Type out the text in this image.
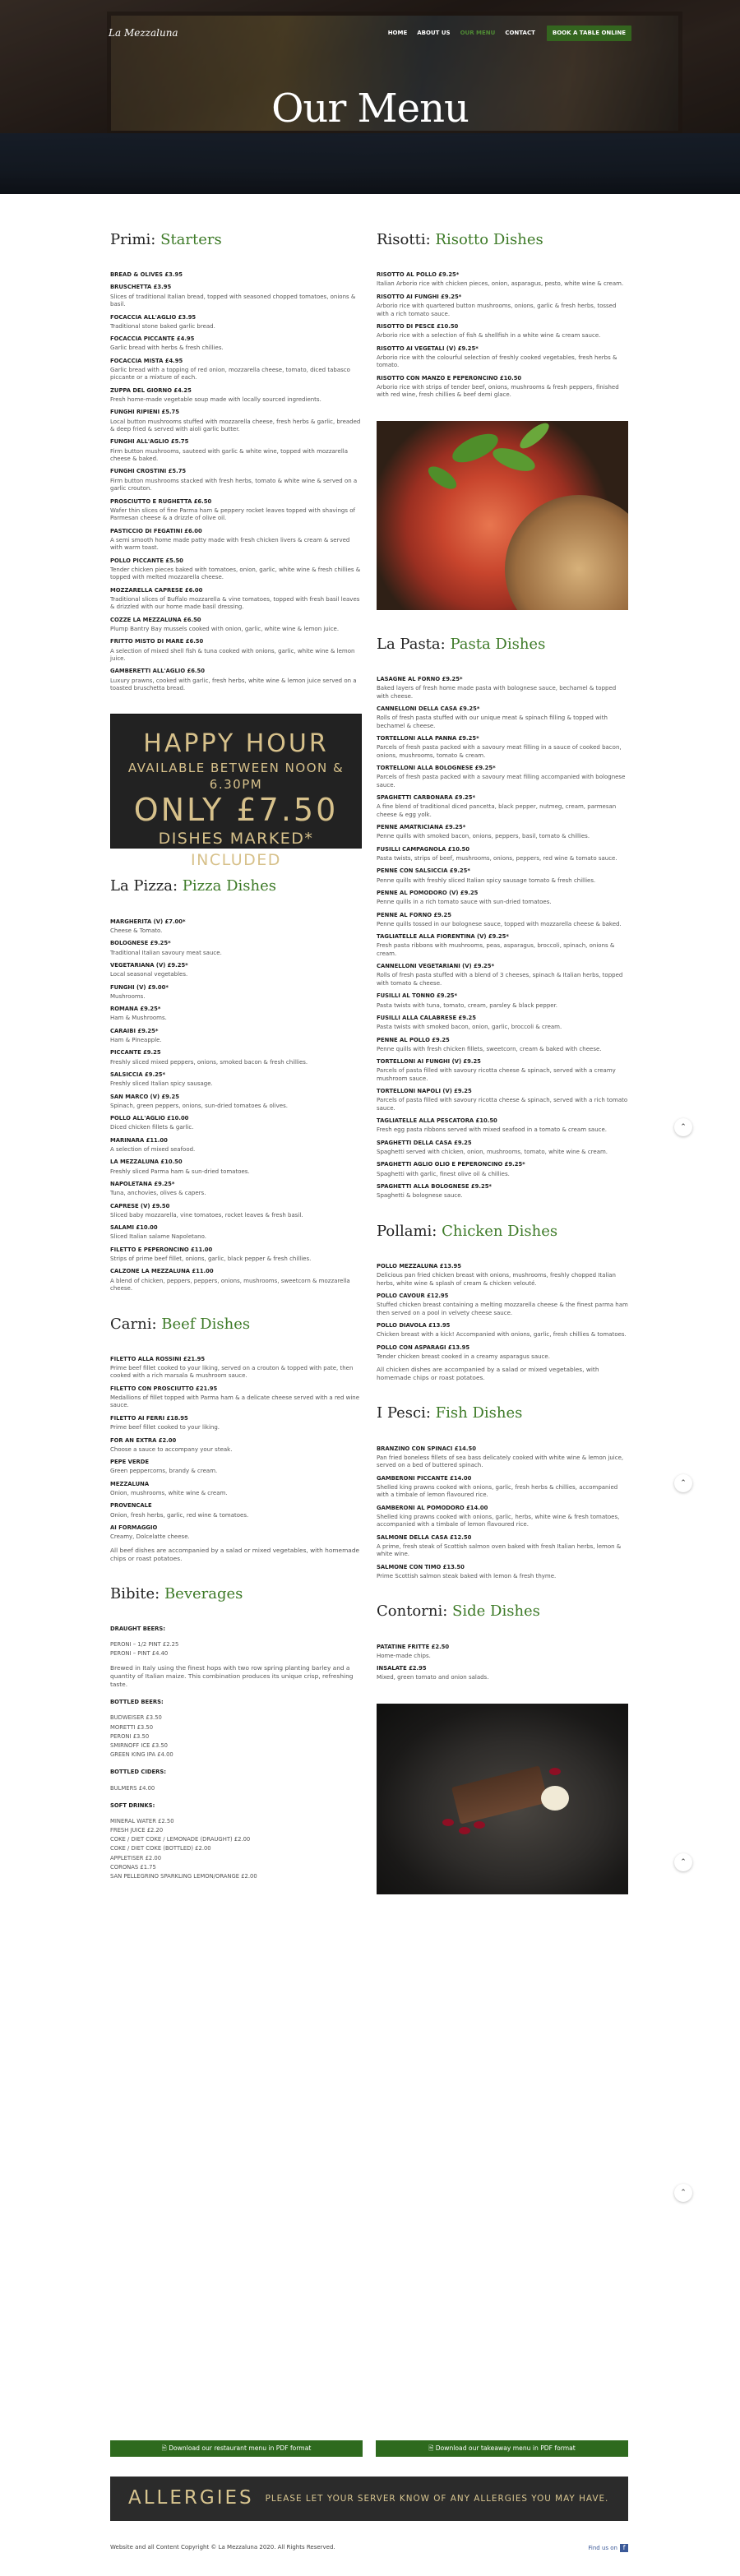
La Mezzaluna	HOME ABOUT US OUR MENU CONTACT	BOOK A TABLE ONLINE
Our Menu
Primi: Starters
BREAD & OLIVES £3.95
BRUSCHETTA £3.95
Slices of traditional Italian bread, topped with seasoned chopped tomatoes, onions & basil.
FOCACCIA ALL'AGLIO £3.95
Traditional stone baked garlic bread.
FOCACCIA PICCANTE £4.95
Garlic bread with herbs & fresh chillies.
FOCACCIA MISTA £4.95
Garlic bread with a topping of red onion, mozzarella cheese, tomato, diced tabasco piccante or a mixture of each.
ZUPPA DEL GIORNO £4.25
Fresh home-made vegetable soup made with locally sourced ingredients.
FUNGHI RIPIENI £5.75
Local button mushrooms stuffed with mozzarella cheese, fresh herbs & garlic, breaded & deep fried & served with aioli garlic butter.
FUNGHI ALL'AGLIO £5.75
Firm button mushrooms, sauteed with garlic & white wine, topped with mozzarella cheese & baked.
FUNGHI CROSTINI £5.75
Firm button mushrooms stacked with fresh herbs, tomato & white wine & served on a garlic crouton.
PROSCIUTTO E RUGHETTA £6.50
Wafer thin slices of fine Parma ham & peppery rocket leaves topped with shavings of Parmesan cheese & a drizzle of olive oil.
PASTICCIO DI FEGATINI £6.00
A semi smooth home made patty made with fresh chicken livers & cream & served with warm toast.
POLLO PICCANTE £5.50
Tender chicken pieces baked with tomatoes, onion, garlic, white wine & fresh chillies & topped with melted mozzarella cheese.
MOZZARELLA CAPRESE £6.00
Traditional slices of Buffalo mozzarella & vine tomatoes, topped with fresh basil leaves & drizzled with our home made basil dressing.
COZZE LA MEZZALUNA £6.50
Plump Bantry Bay mussels cooked with onion, garlic, white wine & lemon juice.
FRITTO MISTO DI MARE £6.50
A selection of mixed shell fish & tuna cooked with onions, garlic, white wine & lemon juice.
GAMBERETTI ALL'AGLIO £6.50
Luxury prawns, cooked with garlic, fresh herbs, white wine & lemon juice served on a toasted bruschetta bread.
HAPPY HOUR
AVAILABLE BETWEEN NOON & 6.30PM
ONLY £7.50
DISHES MARKED* INCLUDED
La Pizza: Pizza Dishes
MARGHERITA (V) £7.00*
Cheese & Tomato.
BOLOGNESE £9.25*
Traditional Italian savoury meat sauce.
VEGETARIANA (V) £9.25*
Local seasonal vegetables.
FUNGHI (V) £9.00*
Mushrooms.
ROMANA £9.25*
Ham & Mushrooms.
CARAIBI £9.25*
Ham & Pineapple.
PICCANTE £9.25
Freshly sliced mixed peppers, onions, smoked bacon & fresh chillies.
SALSICCIA £9.25*
Freshly sliced Italian spicy sausage.
SAN MARCO (V) £9.25
Spinach, green peppers, onions, sun-dried tomatoes & olives.
POLLO ALL'AGLIO £10.00
Diced chicken fillets & garlic.
MARINARA £11.00
A selection of mixed seafood.
LA MEZZALUNA £10.50
Freshly sliced Parma ham & sun-dried tomatoes.
NAPOLETANA £9.25*
Tuna, anchovies, olives & capers.
CAPRESE (V) £9.50
Sliced baby mozzarella, vine tomatoes, rocket leaves & fresh basil.
SALAMI £10.00
Sliced Italian salame Napoletano.
FILETTO E PEPERONCINO £11.00
Strips of prime beef fillet, onions, garlic, black pepper & fresh chillies.
CALZONE LA MEZZALUNA £11.00
A blend of chicken, peppers, peppers, onions, mushrooms, sweetcorn & mozzarella cheese.
Carni: Beef Dishes
FILETTO ALLA ROSSINI £21.95
Prime beef fillet cooked to your liking, served on a crouton & topped with pate, then cooked with a rich marsala & mushroom sauce.
FILETTO CON PROSCIUTTO £21.95
Medallions of fillet topped with Parma ham & a delicate cheese served with a red wine sauce.
FILETTO AI FERRI £18.95
Prime beef fillet cooked to your liking.
FOR AN EXTRA £2.00
Choose a sauce to accompany your steak.
PEPE VERDE
Green peppercorns, brandy & cream.
MEZZALUNA
Onion, mushrooms, white wine & cream.
PROVENCALE
Onion, fresh herbs, garlic, red wine & tomatoes.
AI FORMAGGIO
Creamy, Dolcelatte cheese.
All beef dishes are accompanied by a salad or mixed vegetables, with homemade chips or roast potatoes.
Bibite: Beverages
DRAUGHT BEERS:
PERONI – 1/2 PINT £2.25
PERONI – PINT £4.40
Brewed in Italy using the finest hops with two row spring planting barley and a quantity of Italian maize. This combination produces its unique crisp, refreshing taste.
BOTTLED BEERS:
BUDWEISER £3.50
MORETTI £3.50
PERONI £3.50
SMIRNOFF ICE £3.50
GREEN KING IPA £4.00
BOTTLED CIDERS:
BULMERS £4.00
SOFT DRINKS:
MINERAL WATER £2.50
FRESH JUICE £2.20
COKE / DIET COKE / LEMONADE (DRAUGHT) £2.00
COKE / DIET COKE (BOTTLED) £2.00
APPLETISER £2.00
CORONAS £1.75
SAN PELLEGRINO SPARKLING LEMON/ORANGE £2.00
Risotti: Risotto Dishes
RISOTTO AL POLLO £9.25*
Italian Arborio rice with chicken pieces, onion, asparagus, pesto, white wine & cream.
RISOTTO AI FUNGHI £9.25*
Arborio rice with quartered button mushrooms, onions, garlic & fresh herbs, tossed with a rich tomato sauce.
RISOTTO DI PESCE £10.50
Arborio rice with a selection of fish & shellfish in a white wine & cream sauce.
RISOTTO AI VEGETALI (V) £9.25*
Arborio rice with the colourful selection of freshly cooked vegetables, fresh herbs & tomato.
RISOTTO CON MANZO E PEPERONCINO £10.50
Arborio rice with strips of tender beef, onions, mushrooms & fresh peppers, finished with red wine, fresh chillies & beef demi glace.
La Pasta: Pasta Dishes
LASAGNE AL FORNO £9.25*
Baked layers of fresh home made pasta with bolognese sauce, bechamel & topped with cheese.
CANNELLONI DELLA CASA £9.25*
Rolls of fresh pasta stuffed with our unique meat & spinach filling & topped with bechamel & cheese.
TORTELLONI ALLA PANNA £9.25*
Parcels of fresh pasta packed with a savoury meat filling in a sauce of cooked bacon, onions, mushrooms, tomato & cream.
TORTELLONI ALLA BOLOGNESE £9.25*
Parcels of fresh pasta packed with a savoury meat filling accompanied with bolognese sauce.
SPAGHETTI CARBONARA £9.25*
A fine blend of traditional diced pancetta, black pepper, nutmeg, cream, parmesan cheese & egg yolk.
PENNE AMATRICIANA £9.25*
Penne quills with smoked bacon, onions, peppers, basil, tomato & chillies.
FUSILLI CAMPAGNOLA £10.50
Pasta twists, strips of beef, mushrooms, onions, peppers, red wine & tomato sauce.
PENNE CON SALSICCIA £9.25*
Penne quills with freshly sliced Italian spicy sausage tomato & fresh chillies.
PENNE AL POMODORO (V) £9.25
Penne quills in a rich tomato sauce with sun-dried tomatoes.
PENNE AL FORNO £9.25
Penne quills tossed in our bolognese sauce, topped with mozzarella cheese & baked.
TAGLIATELLE ALLA FIORENTINA (V) £9.25*
Fresh pasta ribbons with mushrooms, peas, asparagus, broccoli, spinach, onions & cream.
CANNELLONI VEGETARIANI (V) £9.25*
Rolls of fresh pasta stuffed with a blend of 3 cheeses, spinach & Italian herbs, topped with tomato & cheese.
FUSILLI AL TONNO £9.25*
Pasta twists with tuna, tomato, cream, parsley & black pepper.
FUSILLI ALLA CALABRESE £9.25
Pasta twists with smoked bacon, onion, garlic, broccoli & cream.
PENNE AL POLLO £9.25
Penne quills with fresh chicken fillets, sweetcorn, cream & baked with cheese.
TORTELLONI AI FUNGHI (V) £9.25
Parcels of pasta filled with savoury ricotta cheese & spinach, served with a creamy mushroom sauce.
TORTELLONI NAPOLI (V) £9.25
Parcels of pasta filled with savoury ricotta cheese & spinach, served with a rich tomato sauce.
TAGLIATELLE ALLA PESCATORA £10.50
Fresh egg pasta ribbons served with mixed seafood in a tomato & cream sauce.
SPAGHETTI DELLA CASA £9.25
Spaghetti served with chicken, onion, mushrooms, tomato, white wine & cream.
SPAGHETTI AGLIO OLIO E PEPERONCINO £9.25*
Spaghetti with garlic, finest olive oil & chillies.
SPAGHETTI ALLA BOLOGNESE £9.25*
Spaghetti & bolognese sauce.
Pollami: Chicken Dishes
POLLO MEZZALUNA £13.95
Delicious pan fried chicken breast with onions, mushrooms, freshly chopped Italian herbs, white wine & splash of cream & chicken velouté.
POLLO CAVOUR £12.95
Stuffed chicken breast containing a melting mozzarella cheese & the finest parma ham then served on a pool in velvety cheese sauce.
POLLO DIAVOLA £13.95
Chicken breast with a kick! Accompanied with onions, garlic, fresh chillies & tomatoes.
POLLO CON ASPARAGI £13.95
Tender chicken breast cooked in a creamy asparagus sauce.
All chicken dishes are accompanied by a salad or mixed vegetables, with homemade chips or roast potatoes.
I Pesci: Fish Dishes
BRANZINO CON SPINACI £14.50
Pan fried boneless fillets of sea bass delicately cooked with white wine & lemon juice, served on a bed of buttered spinach.
GAMBERONI PICCANTE £14.00
Shelled king prawns cooked with onions, garlic, fresh herbs & chillies, accompanied with a timbale of lemon flavoured rice.
GAMBERONI AL POMODORO £14.00
Shelled king prawns cooked with onions, garlic, herbs, white wine & fresh tomatoes, accompanied with a timbale of lemon flavoured rice.
SALMONE DELLA CASA £12.50
A prime, fresh steak of Scottish salmon oven baked with fresh Italian herbs, lemon & white wine.
SALMONE CON TIMO £13.50
Prime Scottish salmon steak baked with lemon & fresh thyme.
Contorni: Side Dishes
PATATINE FRITTE £2.50
Home-made chips.
INSALATE £2.95
Mixed, green tomato and onion salads.
⌃
⌃
⌃
⌃
🗎 Download our restaurant menu in PDF format	🗎 Download our takeaway menu in PDF format
ALLERGIES PLEASE LET YOUR SERVER KNOW OF ANY ALLERGIES YOU MAY HAVE.
Website and all Content Copyright © La Mezzaluna 2020. All Rights Reserved.	Find us on f
